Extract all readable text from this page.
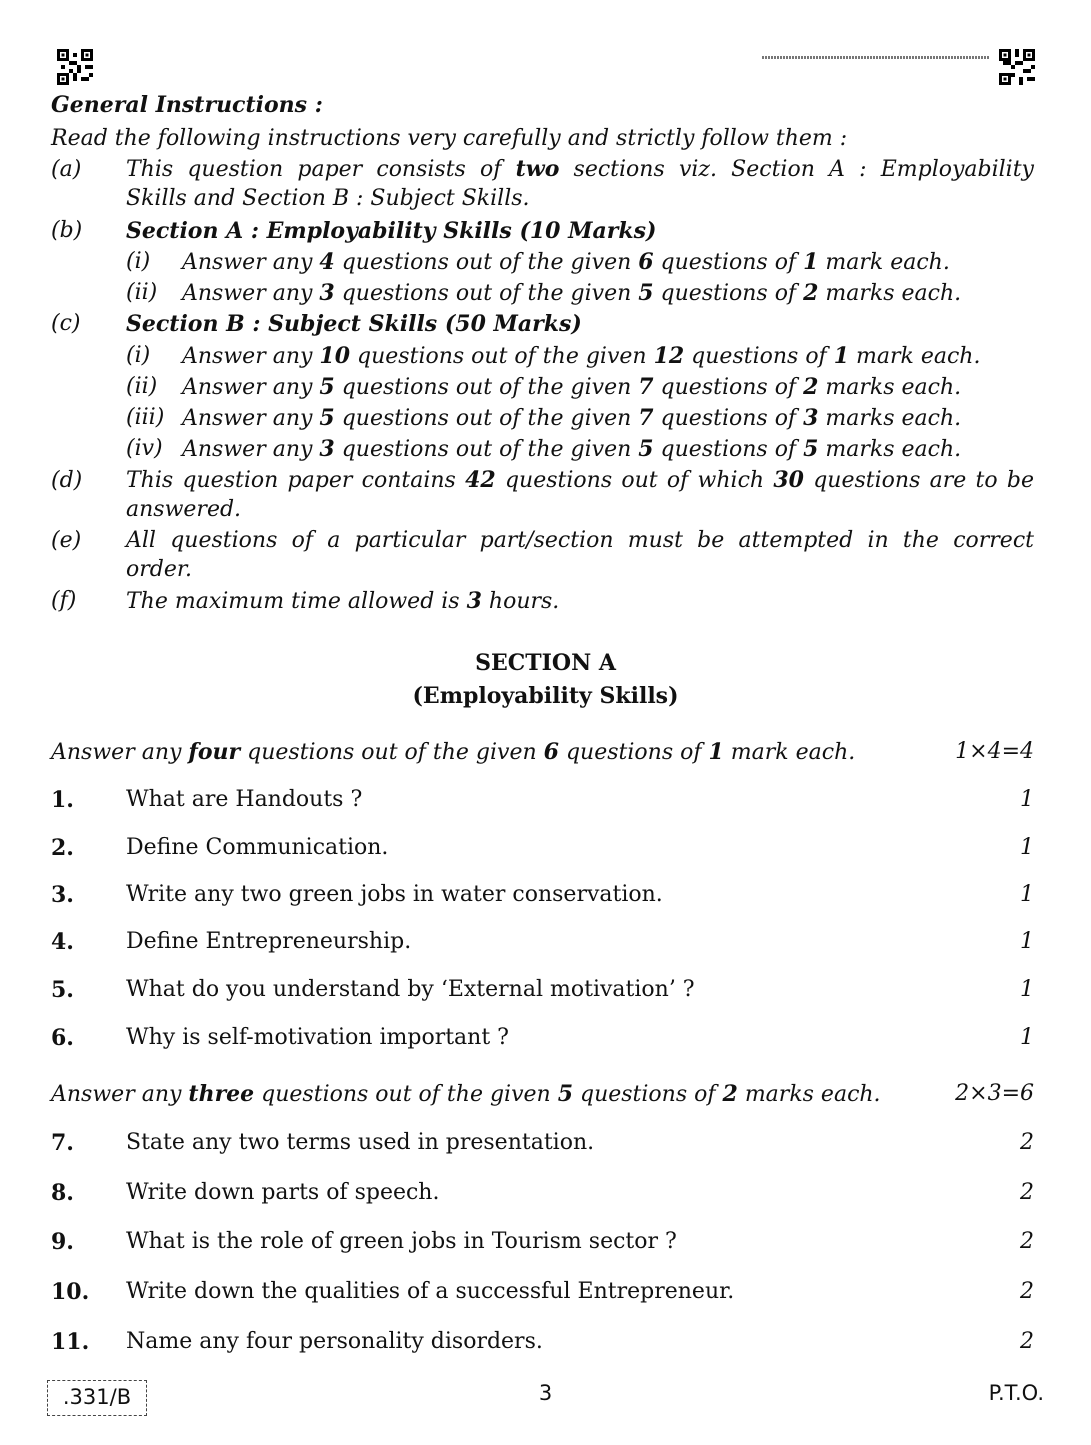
General Instructions :
Read the following instructions very carefully and strictly follow them :
(a) This question paper consists of two sections viz. Section A : Employability
Skills and Section B : Subject Skills.
(b) Section A : Employability Skills (10 Marks)
(i) Answer any 4 questions out of the given 6 questions of 1 mark each.
(ii) Answer any 3 questions out of the given 5 questions of 2 marks each.
(c) Section B : Subject Skills (50 Marks)
(i) Answer any 10 questions out of the given 12 questions of 1 mark each.
(ii) Answer any 5 questions out of the given 7 questions of 2 marks each.
(iii) Answer any 5 questions out of the given 7 questions of 3 marks each.
(iv) Answer any 3 questions out of the given 5 questions of 5 marks each.
(d) This question paper contains 42 questions out of which 30 questions are to be
answered.
(e) All questions of a particular part/section must be attempted in the correct
order.
(f) The maximum time allowed is 3 hours.
SECTION A
(Employability Skills)
Answer any four questions out of the given 6 questions of 1 mark each.	1×4=4
1. What are Handouts ?	1
2. Define Communication.	1
3. Write any two green jobs in water conservation.	1
4. Define Entrepreneurship.	1
5. What do you understand by ‘External motivation’ ?	1
6. Why is self-motivation important ?	1
Answer any three questions out of the given 5 questions of 2 marks each.	2×3=6
7. State any two terms used in presentation.	2
8. Write down parts of speech.	2
9. What is the role of green jobs in Tourism sector ?	2
10. Write down the qualities of a successful Entrepreneur.	2
11. Name any four personality disorders.	2
.331/B	3	P.T.O.
